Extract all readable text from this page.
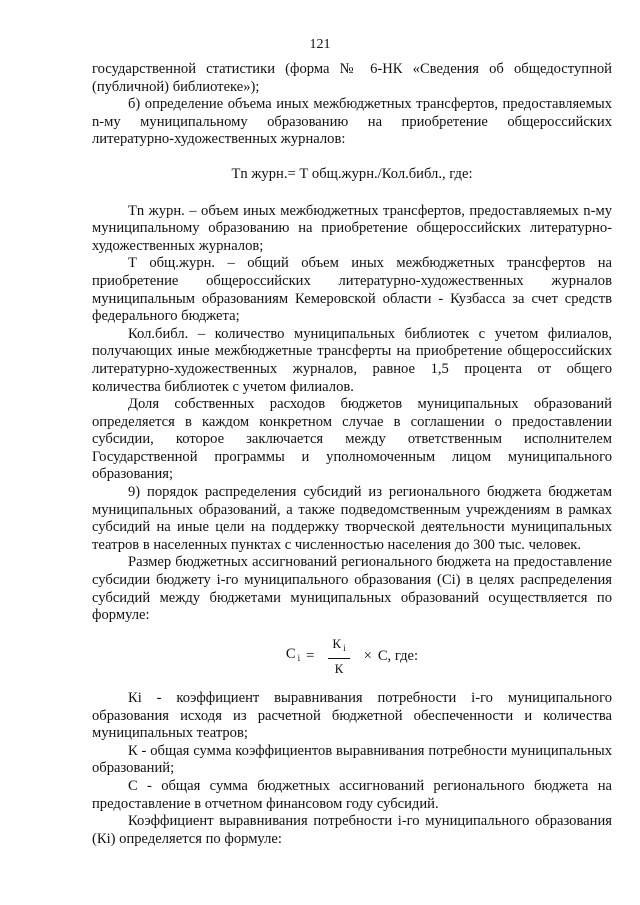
121

государственной статистики (форма № 6-НК «Сведения об общедоступной (публичной) библиотеке»);

б) определение объема иных межбюджетных трансфертов, предоставляемых n-му муниципальному образованию на приобретение общероссийских литературно-художественных журналов:

Тn журн.= Т общ.журн./Кол.библ., где:

Тn журн. – объем иных межбюджетных трансфертов, предоставляемых n-му муниципальному образованию на приобретение общероссийских литературно-художественных журналов;

Т общ.журн. – общий объем иных межбюджетных трансфертов на приобретение общероссийских литературно-художественных журналов муниципальным образованиям Кемеровской области - Кузбасса за счет средств федерального бюджета;

Кол.библ. – количество муниципальных библиотек с учетом филиалов, получающих иные межбюджетные трансферты на приобретение общероссийских литературно-художественных журналов, равное 1,5 процента от общего количества библиотек с учетом филиалов.

Доля собственных расходов бюджетов муниципальных образований определяется в каждом конкретном случае в соглашении о предоставлении субсидии, которое заключается между ответственным исполнителем Государственной программы и уполномоченным лицом муниципального образования;

9) порядок распределения субсидий из регионального бюджета бюджетам муниципальных образований, а также подведомственным учреждениям в рамках субсидий на иные цели на поддержку творческой деятельности муниципальных театров в населенных пунктах с численностью населения до 300 тыс. человек.

Размер бюджетных ассигнований регионального бюджета на предоставление субсидии бюджету i-го муниципального образования (Сi) в целях распределения субсидий между бюджетами муниципальных образований осуществляется по формуле:

С $_i = \frac{К _i}{К} \times С$, где:

Кi - коэффициент выравнивания потребности i-го муниципального образования исходя из расчетной бюджетной обеспеченности и количества муниципальных театров;

К - общая сумма коэффициентов выравнивания потребности муниципальных образований;

С - общая сумма бюджетных ассигнований регионального бюджета на предоставление в отчетном финансовом году субсидий.

Коэффициент выравнивания потребности i-го муниципального образования (Кi) определяется по формуле:
